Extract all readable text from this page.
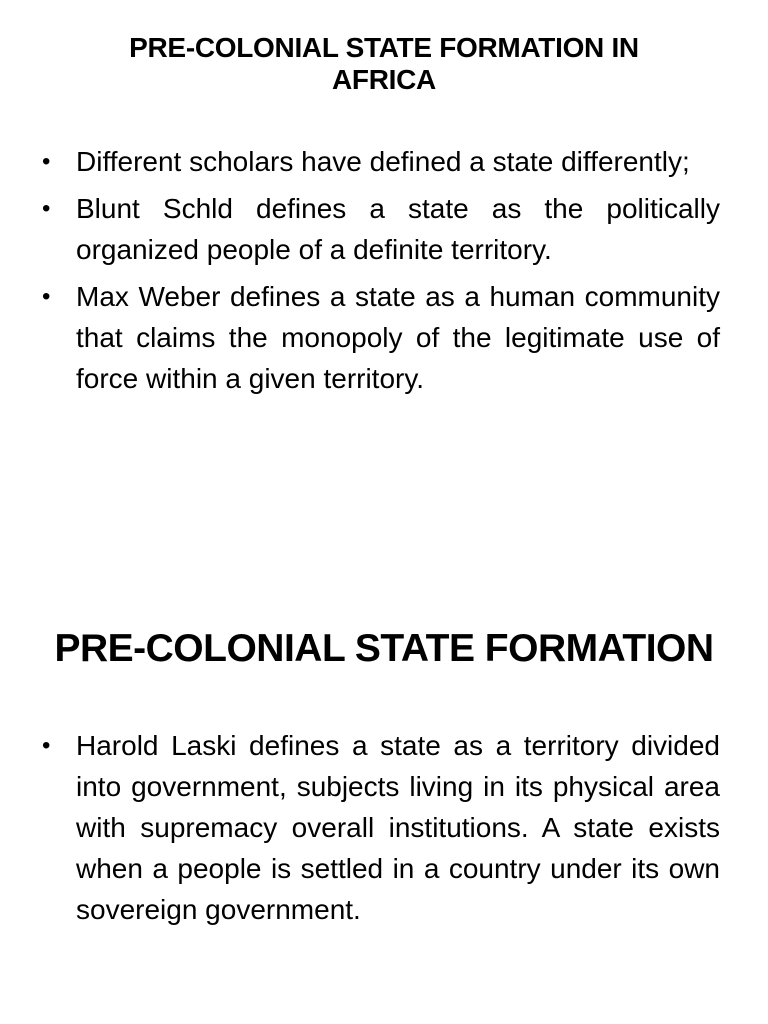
PRE-COLONIAL STATE FORMATION IN AFRICA
• Different scholars have defined a state differently;
• Blunt Schld defines a state as the politically organized people of a definite territory.
• Max Weber defines a state as a human community that claims the monopoly of the legitimate use of force within a given territory.
PRE-COLONIAL STATE FORMATION
• Harold Laski defines a state as a territory divided into government, subjects living in its physical area with supremacy overall institutions. A state exists when a people is settled in a country under its own sovereign government.
